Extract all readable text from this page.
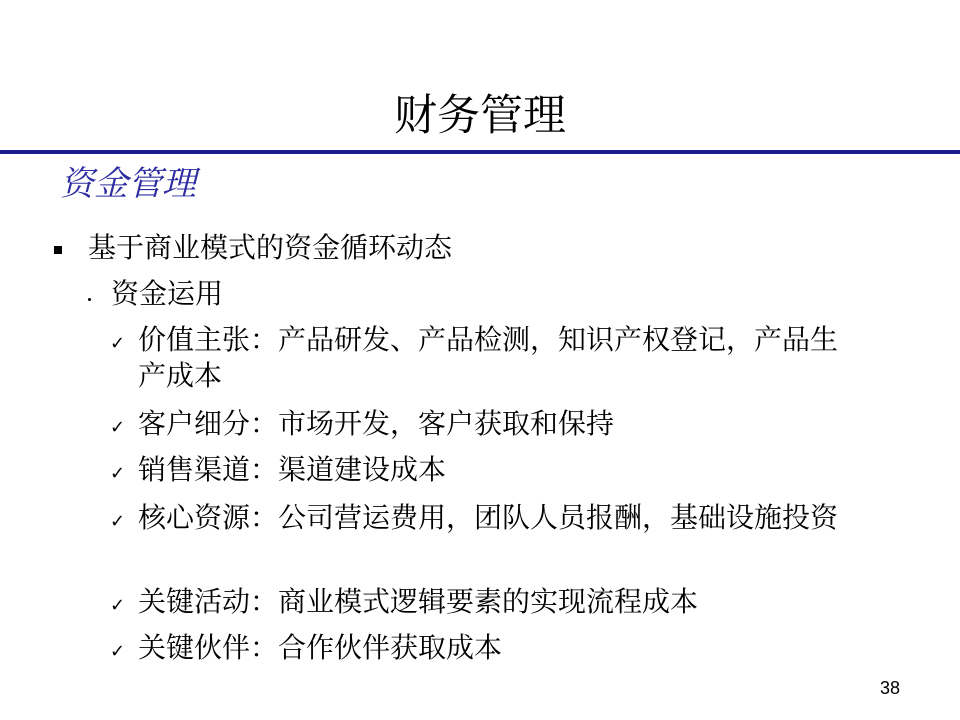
财务管理
资金管理
基于商业模式的资金循环动态
资金运用
✓ 价值主张：产品研发、产品检测，知识产权登记，产品生产成本
✓ 客户细分：市场开发，客户获取和保持
✓ 销售渠道：渠道建设成本
✓ 核心资源：公司营运费用，团队人员报酬，基础设施投资
✓ 关键活动：商业模式逻辑要素的实现流程成本
✓ 关键伙伴：合作伙伴获取成本
38
